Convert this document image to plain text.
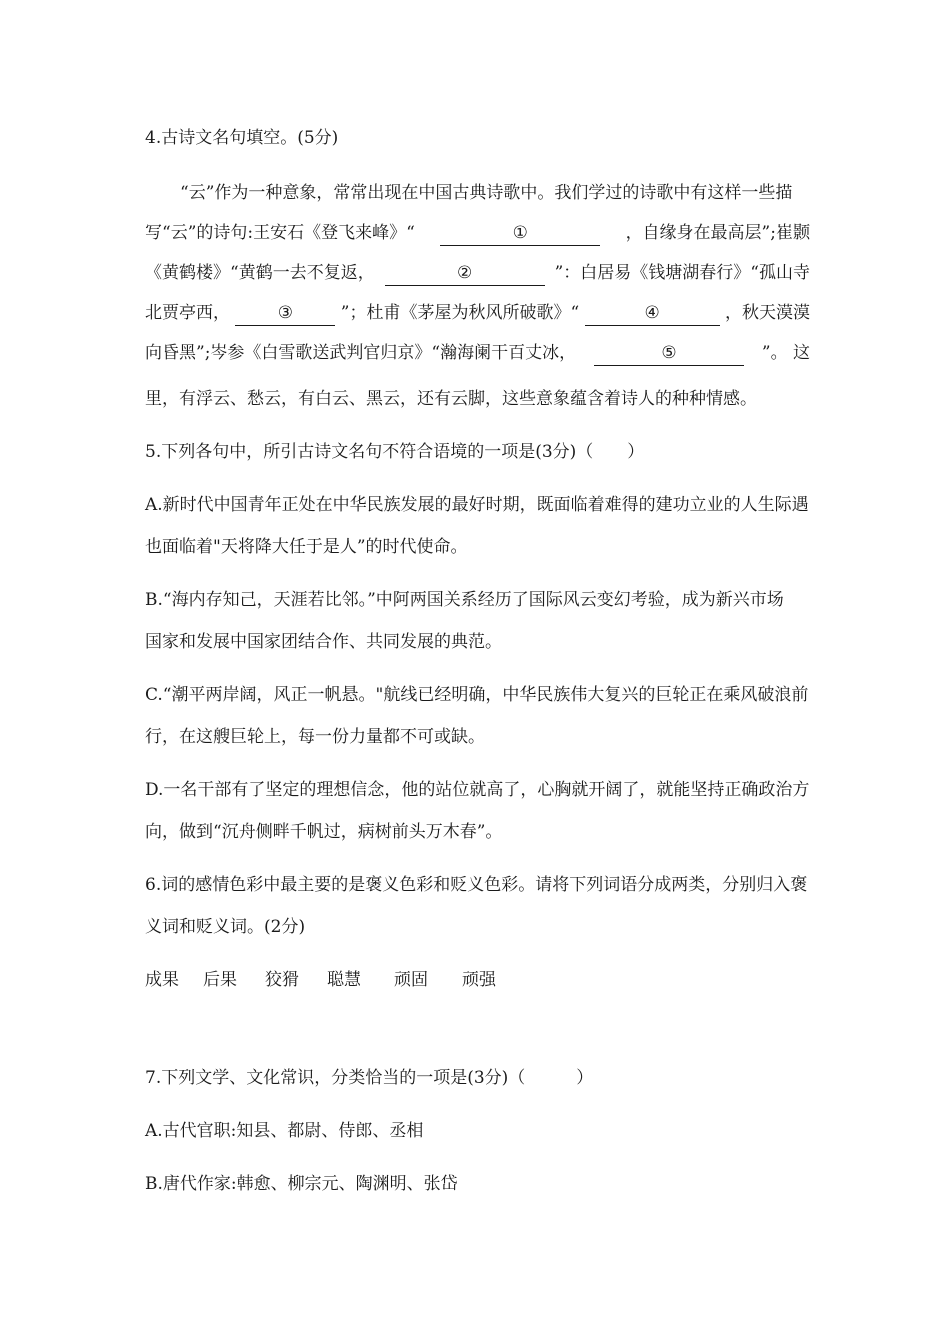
4.古诗文名句填空。(5分)
“云”作为一种意象，常常出现在中国古典诗歌中。我们学过的诗歌中有这样一些描
写“云”的诗句:王安石《登飞来峰》“	①	，自缘身在最高层”;崔颢
《黄鹤楼》“黄鹤一去不复返，	②	”：白居易《钱塘湖春行》“孤山寺
北贾亭西，	③	”；杜甫《茅屋为秋风所破歌》“	④	，秋天漠漠
向昏黑”;岑参《白雪歌送武判官归京》“瀚海阑干百丈冰，	⑤	”。 这
里，有浮云、愁云，有白云、黑云，还有云脚，这些意象蕴含着诗人的种种情感。
5.下列各句中，所引古诗文名句不符合语境的一项是(3分)（　　）
A.新时代中国青年正处在中华民族发展的最好时期，既面临着难得的建功立业的人生际遇
也面临着"天将降大任于是人”的时代使命。
B.“海内存知己，天涯若比邻。”中阿两国关系经历了国际风云变幻考验，成为新兴市场
国家和发展中国家团结合作、共同发展的典范。
C.“潮平两岸阔，风正一帆悬。"航线已经明确，中华民族伟大复兴的巨轮正在乘风破浪前
行，在这艘巨轮上，每一份力量都不可或缺。
D.一名干部有了坚定的理想信念，他的站位就高了，心胸就开阔了，就能坚持正确政治方
向，做到“沉舟侧畔千帆过，病树前头万木春”。
6.词的感情色彩中最主要的是褒义色彩和贬义色彩。请将下列词语分成两类，分别归入褒
义词和贬义词。(2分)
成果	后果	狡猾	聪慧	顽固	顽强
7.下列文学、文化常识，分类恰当的一项是(3分)（　　　）
A.古代官职:知县、都尉、侍郎、丞相
B.唐代作家:韩愈、柳宗元、陶渊明、张岱
